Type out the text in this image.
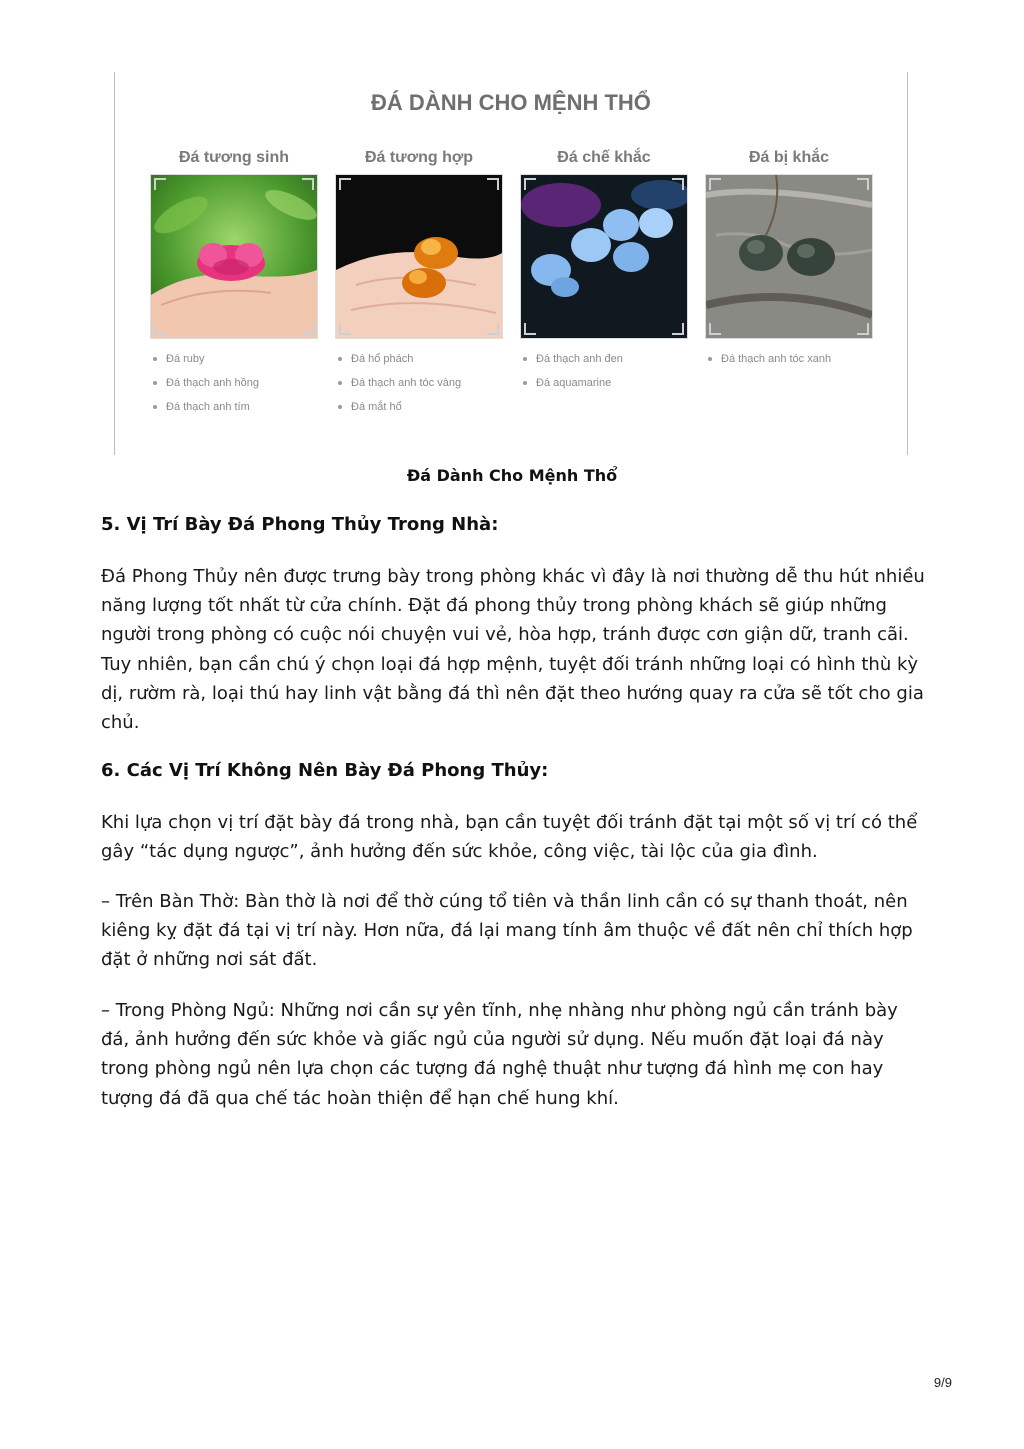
ĐÁ DÀNH CHO MỆNH THỔ
Đá tương sinh
Đá ruby
Đá thạch anh hồng
Đá thạch anh tím
Đá tương hợp
Đá hổ phách
Đá thạch anh tóc vàng
Đá mắt hổ
Đá chế khắc
Đá thạch anh đen
Đá aquamarine
Đá bị khắc
Đá thạch anh tóc xanh
Đá Dành Cho Mệnh Thổ
5. Vị Trí Bày Đá Phong Thủy Trong Nhà:

Đá Phong Thủy nên được trưng bày trong phòng khác vì đây là nơi thường dễ thu hút nhiều năng lượng tốt nhất từ cửa chính. Đặt đá phong thủy trong phòng khách sẽ giúp những người trong phòng có cuộc nói chuyện vui vẻ, hòa hợp, tránh được cơn giận dữ, tranh cãi. Tuy nhiên, bạn cần chú ý chọn loại đá hợp mệnh, tuyệt đối tránh những loại có hình thù kỳ dị, rườm rà, loại thú hay linh vật bằng đá thì nên đặt theo hướng quay ra cửa sẽ tốt cho gia chủ.

6. Các Vị Trí Không Nên Bày Đá Phong Thủy:

Khi lựa chọn vị trí đặt bày đá trong nhà, bạn cần tuyệt đối tránh đặt tại một số vị trí có thể gây “tác dụng ngược”, ảnh hưởng đến sức khỏe, công việc, tài lộc của gia đình.

– Trên Bàn Thờ: Bàn thờ là nơi để thờ cúng tổ tiên và thần linh cần có sự thanh thoát, nên kiêng kỵ đặt đá tại vị trí này. Hơn nữa, đá lại mang tính âm thuộc về đất nên chỉ thích hợp đặt ở những nơi sát đất.

– Trong Phòng Ngủ: Những nơi cần sự yên tĩnh, nhẹ nhàng như phòng ngủ cần tránh bày đá, ảnh hưởng đến sức khỏe và giấc ngủ của người sử dụng. Nếu muốn đặt loại đá này trong phòng ngủ nên lựa chọn các tượng đá nghệ thuật như tượng đá hình mẹ con hay tượng đá đã qua chế tác hoàn thiện để hạn chế hung khí.

9/9
